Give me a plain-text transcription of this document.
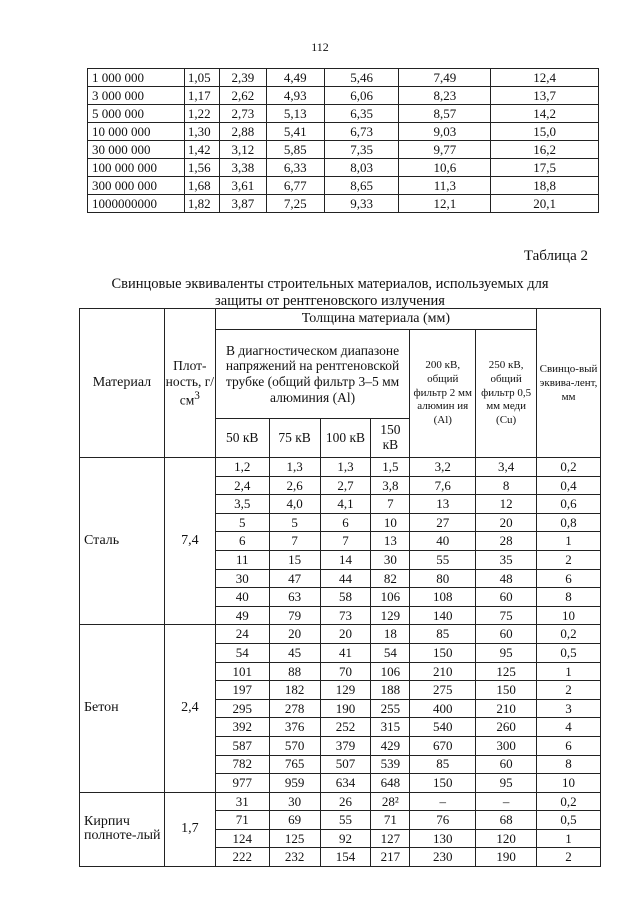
112
1 000 000	1,05	2,39	4,49	5,46	7,49	12,4
3 000 000	1,17	2,62	4,93	6,06	8,23	13,7
5 000 000	1,22	2,73	5,13	6,35	8,57	14,2
10 000 000	1,30	2,88	5,41	6,73	9,03	15,0
30 000 000	1,42	3,12	5,85	7,35	9,77	16,2
100 000 000	1,56	3,38	6,33	8,03	10,6	17,5
300 000 000	1,68	3,61	6,77	8,65	11,3	18,8
1000000000	1,82	3,87	7,25	9,33	12,1	20,1
Таблица 2
Свинцовые эквиваленты строительных материалов, используемых для защиты от рентгеновского излучения
Материал	Плот-ность, $г/см^3$	Толщина материала (мм)						Свинцо-вый эквива-лент, мм
		В диагностическом диапазоне напряжений на рентгеновской трубке (общий фильтр 3–5 мм алюминия (Al)				200 кВ, общий фильтр 2 мм алюмин ия (Al)	250 кВ, общий фильтр 0,5 мм меди (Cu)	
		50 кВ	75 кВ	100 кВ	150 кВ			
Сталь	7,4	1,2	1,3	1,3	1,5	3,2	3,4	0,2
		2,4	2,6	2,7	3,8	7,6	8	0,4
		3,5	4,0	4,1	7	13	12	0,6
		5	5	6	10	27	20	0,8
		6	7	7	13	40	28	1
		11	15	14	30	55	35	2
		30	47	44	82	80	48	6
		40	63	58	106	108	60	8
		49	79	73	129	140	75	10
Бетон	2,4	24	20	20	18	85	60	0,2
		54	45	41	54	150	95	0,5
		101	88	70	106	210	125	1
		197	182	129	188	275	150	2
		295	278	190	255	400	210	3
		392	376	252	315	540	260	4
		587	570	379	429	670	300	6
		782	765	507	539	85	60	8
		977	959	634	648	150	95	10
Кирпич полноте-лый	1,7	31	30	26	28²	–	–	0,2
		71	69	55	71	76	68	0,5
		124	125	92	127	130	120	1
		222	232	154	217	230	190	2
